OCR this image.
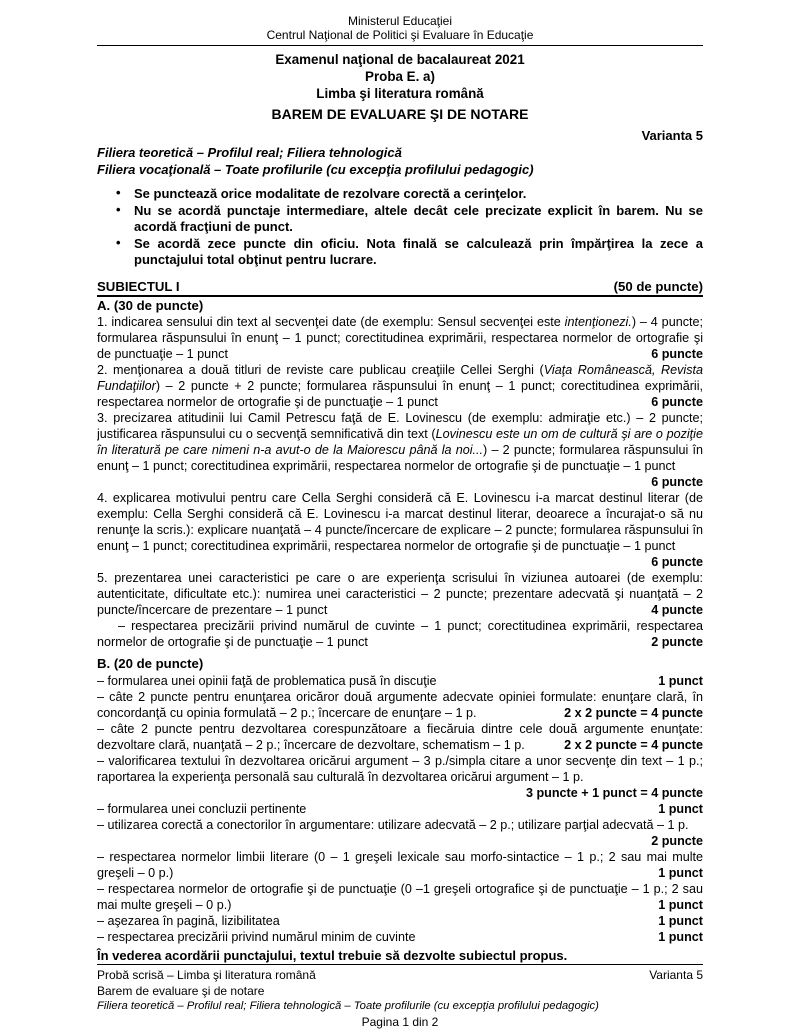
Ministerul Educaţiei
Centrul Naţional de Politici şi Evaluare în Educaţie
Examenul naţional de bacalaureat 2021
Proba E. a)
Limba şi literatura română
BAREM DE EVALUARE ŞI DE NOTARE
Varianta 5
Filiera teoretică – Profilul real; Filiera tehnologică
Filiera vocaţională – Toate profilurile (cu excepţia profilului pedagogic)
• Se punctează orice modalitate de rezolvare corectă a cerinţelor.
• Nu se acordă punctaje intermediare, altele decât cele precizate explicit în barem. Nu se acordă fracţiuni de punct.
• Se acordă zece puncte din oficiu. Nota finală se calculează prin împărţirea la zece a punctajului total obţinut pentru lucrare.
SUBIECTUL I	(50 de puncte)
A. (30 de puncte)

1. indicarea sensului din text al secvenţei date (de exemplu: Sensul secvenţei este intenţionezi.) – 4 puncte; formularea răspunsului în enunţ – 1 punct; corectitudinea exprimării, respectarea normelor de ortografie şi de punctuaţie – 1 punct	6 puncte

2. menţionarea a două titluri de reviste care publicau creaţiile Cellei Serghi (Viaţa Românească, Revista Fundaţiilor) – 2 puncte + 2 puncte; formularea răspunsului în enunţ – 1 punct; corectitudinea exprimării, respectarea normelor de ortografie şi de punctuaţie – 1 punct	6 puncte

3. precizarea atitudinii lui Camil Petrescu faţă de E. Lovinescu (de exemplu: admiraţie etc.) – 2 puncte; justificarea răspunsului cu o secvenţă semnificativă din text (Lovinescu este un om de cultură şi are o poziţie în literatură pe care nimeni n-a avut-o de la Maiorescu până la noi...) – 2 puncte; formularea răspunsului în enunţ – 1 punct; corectitudinea exprimării, respectarea normelor de ortografie şi de punctuaţie – 1 punct
6 puncte

4. explicarea motivului pentru care Cella Serghi consideră că E. Lovinescu i-a marcat destinul literar (de exemplu: Cella Serghi consideră că E. Lovinescu i-a marcat destinul literar, deoarece a încurajat-o să nu renunţe la scris.): explicare nuanţată – 4 puncte/încercare de explicare – 2 puncte; formularea răspunsului în enunţ – 1 punct; corectitudinea exprimării, respectarea normelor de ortografie şi de punctuaţie – 1 punct
6 puncte

5. prezentarea unei caracteristici pe care o are experienţa scrisului în viziunea autoarei (de exemplu: autenticitate, dificultate etc.): numirea unei caracteristici – 2 puncte; prezentare adecvată şi nuanţată – 2 puncte/încercare de prezentare – 1 punct	4 puncte

– respectarea precizării privind numărul de cuvinte – 1 punct; corectitudinea exprimării, respectarea normelor de ortografie şi de punctuaţie – 1 punct	2 puncte

B. (20 de puncte)

– formularea unei opinii faţă de problematica pusă în discuţie	1 punct

– câte 2 puncte pentru enunţarea oricăror două argumente adecvate opiniei formulate: enunţare clară, în concordanţă cu opinia formulată – 2 p.; încercare de enunţare – 1 p.	2 x 2 puncte = 4 puncte

– câte 2 puncte pentru dezvoltarea corespunzătoare a fiecăruia dintre cele două argumente enunţate: dezvoltare clară, nuanţată – 2 p.; încercare de dezvoltare, schematism – 1 p.	2 x 2 puncte = 4 puncte

– valorificarea textului în dezvoltarea oricărui argument – 3 p./simpla citare a unor secvenţe din text – 1 p.; raportarea la experienţa personală sau culturală în dezvoltarea oricărui argument – 1 p.
3 puncte + 1 punct = 4 puncte

– formularea unei concluzii pertinente	1 punct

– utilizarea corectă a conectorilor în argumentare: utilizare adecvată – 2 p.; utilizare parţial adecvată – 1 p.
2 puncte

– respectarea normelor limbii literare (0 – 1 greşeli lexicale sau morfo-sintactice – 1 p.; 2 sau mai multe greşeli – 0 p.)	1 punct

– respectarea normelor de ortografie şi de punctuaţie (0 –1 greşeli ortografice şi de punctuaţie – 1 p.; 2 sau mai multe greşeli – 0 p.)	1 punct

– aşezarea în pagină, lizibilitatea	1 punct

– respectarea precizării privind numărul minim de cuvinte	1 punct

În vederea acordării punctajului, textul trebuie să dezvolte subiectul propus.
Probă scrisă – Limba şi literatura română	Varianta 5
Barem de evaluare şi de notare
Filiera teoretică – Profilul real; Filiera tehnologică – Toate profilurile (cu excepţia profilului pedagogic)
Pagina 1 din 2
